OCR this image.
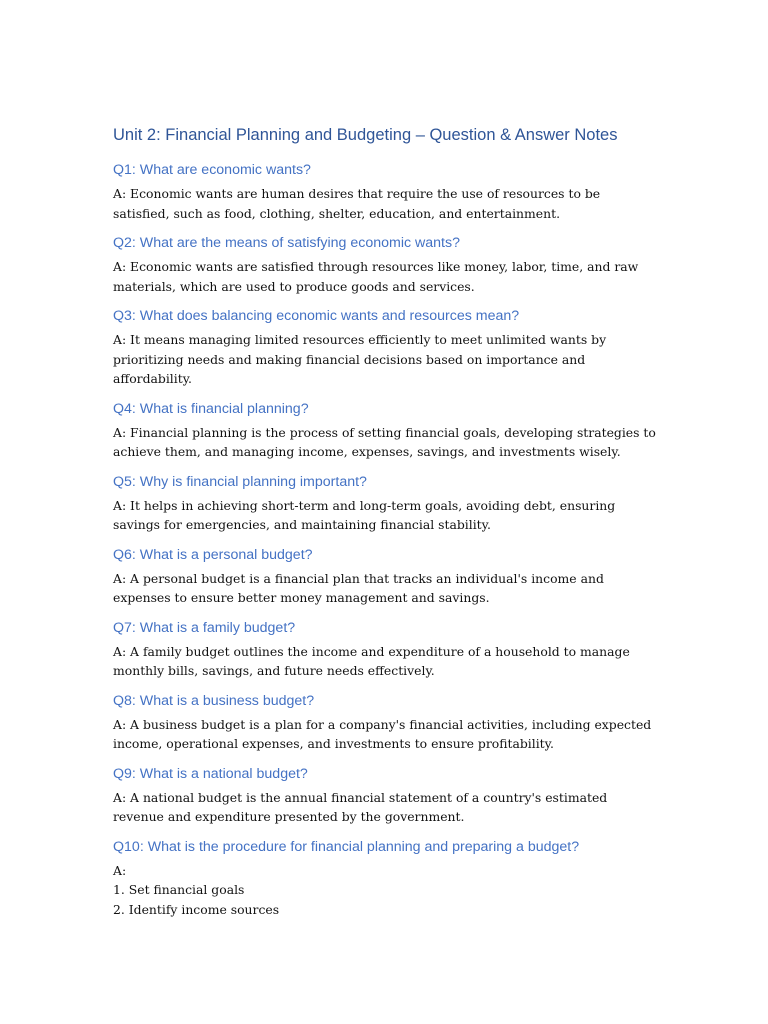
Unit 2: Financial Planning and Budgeting – Question & Answer Notes
Q1: What are economic wants?

A: Economic wants are human desires that require the use of resources to be satisfied, such as food, clothing, shelter, education, and entertainment.

Q2: What are the means of satisfying economic wants?

A: Economic wants are satisfied through resources like money, labor, time, and raw materials, which are used to produce goods and services.

Q3: What does balancing economic wants and resources mean?

A: It means managing limited resources efficiently to meet unlimited wants by prioritizing needs and making financial decisions based on importance and affordability.

Q4: What is financial planning?

A: Financial planning is the process of setting financial goals, developing strategies to achieve them, and managing income, expenses, savings, and investments wisely.

Q5: Why is financial planning important?

A: It helps in achieving short-term and long-term goals, avoiding debt, ensuring savings for emergencies, and maintaining financial stability.

Q6: What is a personal budget?

A: A personal budget is a financial plan that tracks an individual's income and expenses to ensure better money management and savings.

Q7: What is a family budget?

A: A family budget outlines the income and expenditure of a household to manage monthly bills, savings, and future needs effectively.

Q8: What is a business budget?

A: A business budget is a plan for a company's financial activities, including expected income, operational expenses, and investments to ensure profitability.

Q9: What is a national budget?

A: A national budget is the annual financial statement of a country's estimated revenue and expenditure presented by the government.

Q10: What is the procedure for financial planning and preparing a budget?

A:

1. Set financial goals
2. Identify income sources
